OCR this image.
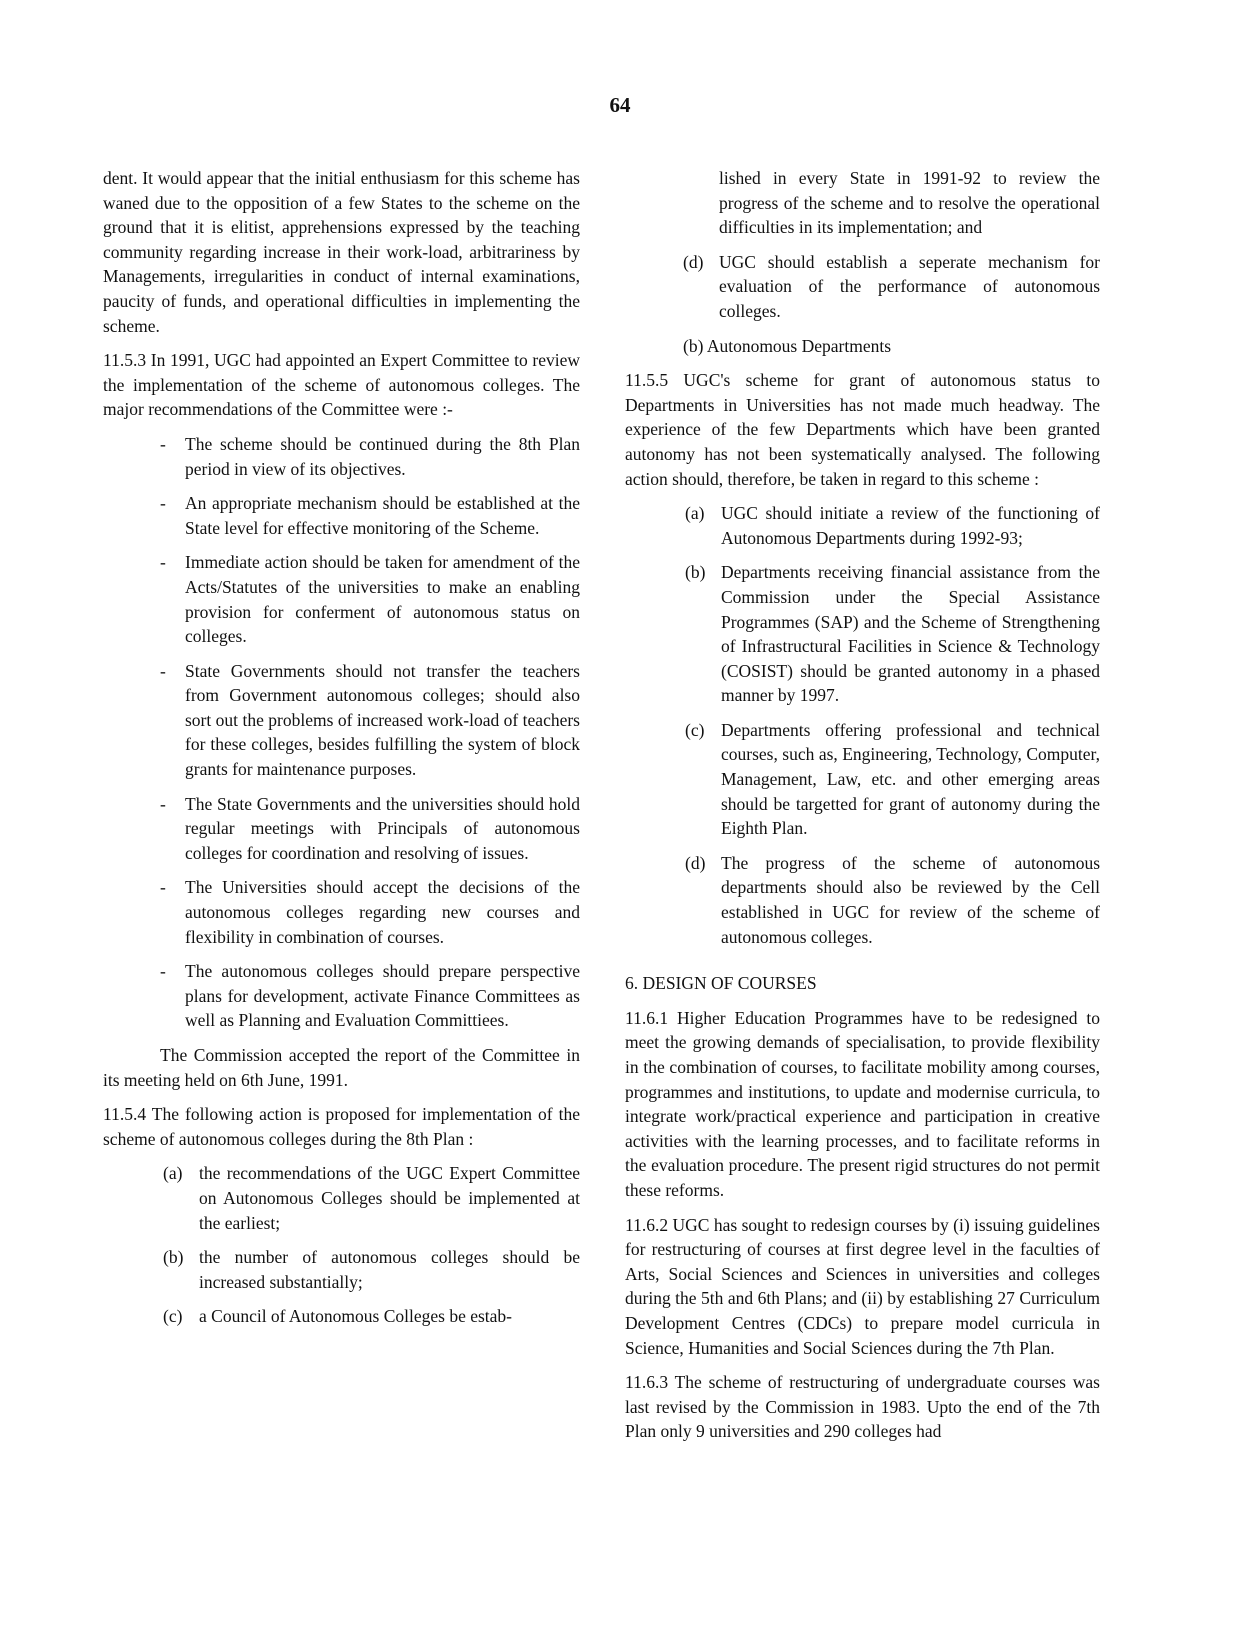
64

dent. It would appear that the initial enthusiasm for this scheme has waned due to the opposition of a few States to the scheme on the ground that it is elitist, apprehensions expressed by the teaching community regarding increase in their work-load, arbitrariness by Managements, irregularities in conduct of internal examinations, paucity of funds, and operational difficulties in implementing the scheme.

11.5.3 In 1991, UGC had appointed an Expert Committee to review the implementation of the scheme of autonomous colleges. The major recommendations of the Committee were :-

- The scheme should be continued during the 8th Plan period in view of its objectives.
- An appropriate mechanism should be established at the State level for effective monitoring of the Scheme.
- Immediate action should be taken for amendment of the Acts/Statutes of the universities to make an enabling provision for conferment of autonomous status on colleges.
- State Governments should not transfer the teachers from Government autonomous colleges; should also sort out the problems of increased work-load of teachers for these colleges, besides fulfilling the system of block grants for maintenance purposes.
- The State Governments and the universities should hold regular meetings with Principals of autonomous colleges for coordination and resolving of issues.
- The Universities should accept the decisions of the autonomous colleges regarding new courses and flexibility in combination of courses.
- The autonomous colleges should prepare perspective plans for development, activate Finance Committees as well as Planning and Evaluation Committiees.

The Commission accepted the report of the Committee in its meeting held on 6th June, 1991.

11.5.4 The following action is proposed for implementation of the scheme of autonomous colleges during the 8th Plan :

(a) the recommendations of the UGC Expert Committee on Autonomous Colleges should be implemented at the earliest;
(b) the number of autonomous colleges should be increased substantially;
(c) a Council of Autonomous Colleges be estab-

lished in every State in 1991-92 to review the progress of the scheme and to resolve the operational difficulties in its implementation; and

(d) UGC should establish a seperate mechanism for evaluation of the performance of autonomous colleges.

(b) Autonomous Departments

11.5.5 UGC's scheme for grant of autonomous status to Departments in Universities has not made much headway. The experience of the few Departments which have been granted autonomy has not been systematically analysed. The following action should, therefore, be taken in regard to this scheme :

(a) UGC should initiate a review of the functioning of Autonomous Departments during 1992-93;
(b) Departments receiving financial assistance from the Commission under the Special Assistance Programmes (SAP) and the Scheme of Strengthening of Infrastructural Facilities in Science & Technology (COSIST) should be granted autonomy in a phased manner by 1997.
(c) Departments offering professional and technical courses, such as, Engineering, Technology, Computer, Management, Law, etc. and other emerging areas should be targetted for grant of autonomy during the Eighth Plan.
(d) The progress of the scheme of autonomous departments should also be reviewed by the Cell established in UGC for review of the scheme of autonomous colleges.

6. DESIGN OF COURSES

11.6.1 Higher Education Programmes have to be redesigned to meet the growing demands of specialisation, to provide flexibility in the combination of courses, to facilitate mobility among courses, programmes and institutions, to update and modernise curricula, to integrate work/practical experience and participation in creative activities with the learning processes, and to facilitate reforms in the evaluation procedure. The present rigid structures do not permit these reforms.

11.6.2 UGC has sought to redesign courses by (i) issuing guidelines for restructuring of courses at first degree level in the faculties of Arts, Social Sciences and Sciences in universities and colleges during the 5th and 6th Plans; and (ii) by establishing 27 Curriculum Development Centres (CDCs) to prepare model curricula in Science, Humanities and Social Sciences during the 7th Plan.

11.6.3 The scheme of restructuring of undergraduate courses was last revised by the Commission in 1983. Upto the end of the 7th Plan only 9 universities and 290 colleges had
